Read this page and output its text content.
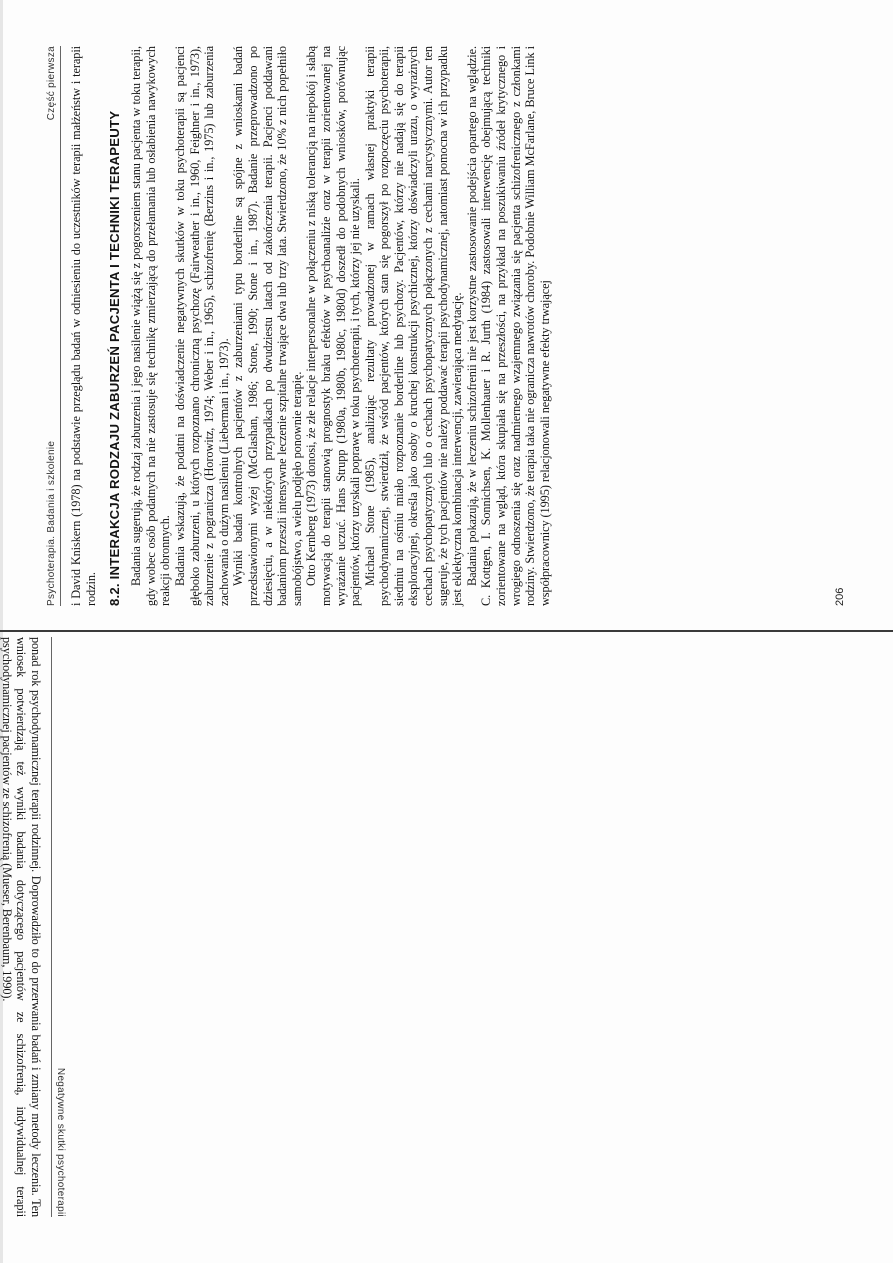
Psychoterapia. Badania i szkolenie
Część pierwsza i David Kniskern (1978) na podstawie przeglądu badań w odniesieniu do uczestników terapii małżeństw i terapii rodzin. 8.2. INTERAKCJA RODZAJU ZABURZEŃ PACJENTA I TECHNIKI TERAPEUTY Badania sugerują, że rodzaj zaburzenia i jego nasilenie wiążą się z pogorszeniem stanu pacjenta w toku terapii, gdy wobec osób podatnych na nie zastosuje się technikę zmierzającą do przełamania lub osłabienia nawykowych reakcji obronnych. Badania wskazują, że podatni na doświadczenie negatywnych skutków w toku psychoterapii są pacjenci głęboko zaburzeni, u których rozpoznano chroniczną psychozę (Fairweather i in., 1960, Feighner i in., 1973), zaburzenie z pogranicza (Horowitz, 1974; Weber i in., 1965), schizofrenię (Berzins i in., 1975) lub zaburzenia zachowania o dużym nasileniu (Lieberman i in., 1973). Wyniki badań kontrolnych pacjentów z zaburzeniami typu borderline są spójne z wnioskami badań przedstawionymi wyżej (McGlashan, 1986; Stone, 1990; Stone i in., 1987). Badanie przeprowadzono po dziesięciu, a w niektórych przypadkach po dwudziestu latach od zakończenia terapii. Pacjenci poddawani badaniom przeszli intensywne leczenie szpitalne trwające dwa lub trzy lata. Stwierdzono, że 10% z nich popełniło samobójstwo, a wielu podjęło ponownie terapię. Otto Kernberg (1973) donosi, że złe relacje interpersonalne w połączeniu z niską tolerancją na niepokój i słabą motywacją do terapii stanowią prognostyk braku efektów w psychoanalizie oraz w terapii zorientowanej na wyrażanie uczuć. Hans Strupp (1980a, 1980b, 1980c, 1980d) doszedł do podobnych wniosków, porównując pacjentów, którzy uzyskali poprawę w toku psychoterapii, i tych, którzy jej nie uzyskali. Michael Stone (1985), analizując rezultaty prowadzonej w ramach własnej praktyki terapii psychodynamicznej, stwierdził, że wśród pacjentów, których stan się pogorszył po rozpoczęciu psychoterapii, siedmiu na ośmiu miało rozpoznanie borderline lub psychozy. Pacjentów, którzy nie nadają się do terapii eksploracyjnej, określa jako osoby o kruchej konstrukcji psychicznej, którzy doświadczyli urazu, o wyrażnych cechach psychopatycznych lub o cechach psychopatycznych połączonych z cechami narcystycznymi. Autor ten sugeruje, że tych pacjentów nie należy poddawać terapii psychodynamicznej, natomiast pomocna w ich przypadku jest eklektyczna kombinacja interwencji, zawierająca medytację. Badania pokazują, że w leczeniu schizofrenii nie jest korzystne zastosowanie podejścia opartego na wglądzie. C. Kottgen, I. Sonnichsen, K. Mollenhauer i R. Jurth (1984) zastosowali interwencję obejmującą techniki zorientowane na wgląd, która skupiała się na przeszłości, na przykład na poszukiwaniu źródeł krytycznego i wrogiego odnoszenia się oraz nadmiernego wzajemnego związania się pacjenta schizofrenicznego z członkami rodziny. Stwierdzono, że terapia taka nie ogranicza nawrotów choroby. Podobnie William McFarlane, Bruce Link i współpracownicy (1995) relacjonowali negatywne efekty trwającej	206
Negatywne skutki psychoterapii

ponad rok psychodynamicznej terapii rodzinnej. Doprowadziło to do przerwania badań i zmiany metody leczenia. Ten wniosek potwierdzają też wyniki badania dotyczącego pacjentów ze schizofrenią, indywidualnej terapii psychodynamicznej pacjentów ze schizofrenią (Mueser, Berenbaum, 1990).
